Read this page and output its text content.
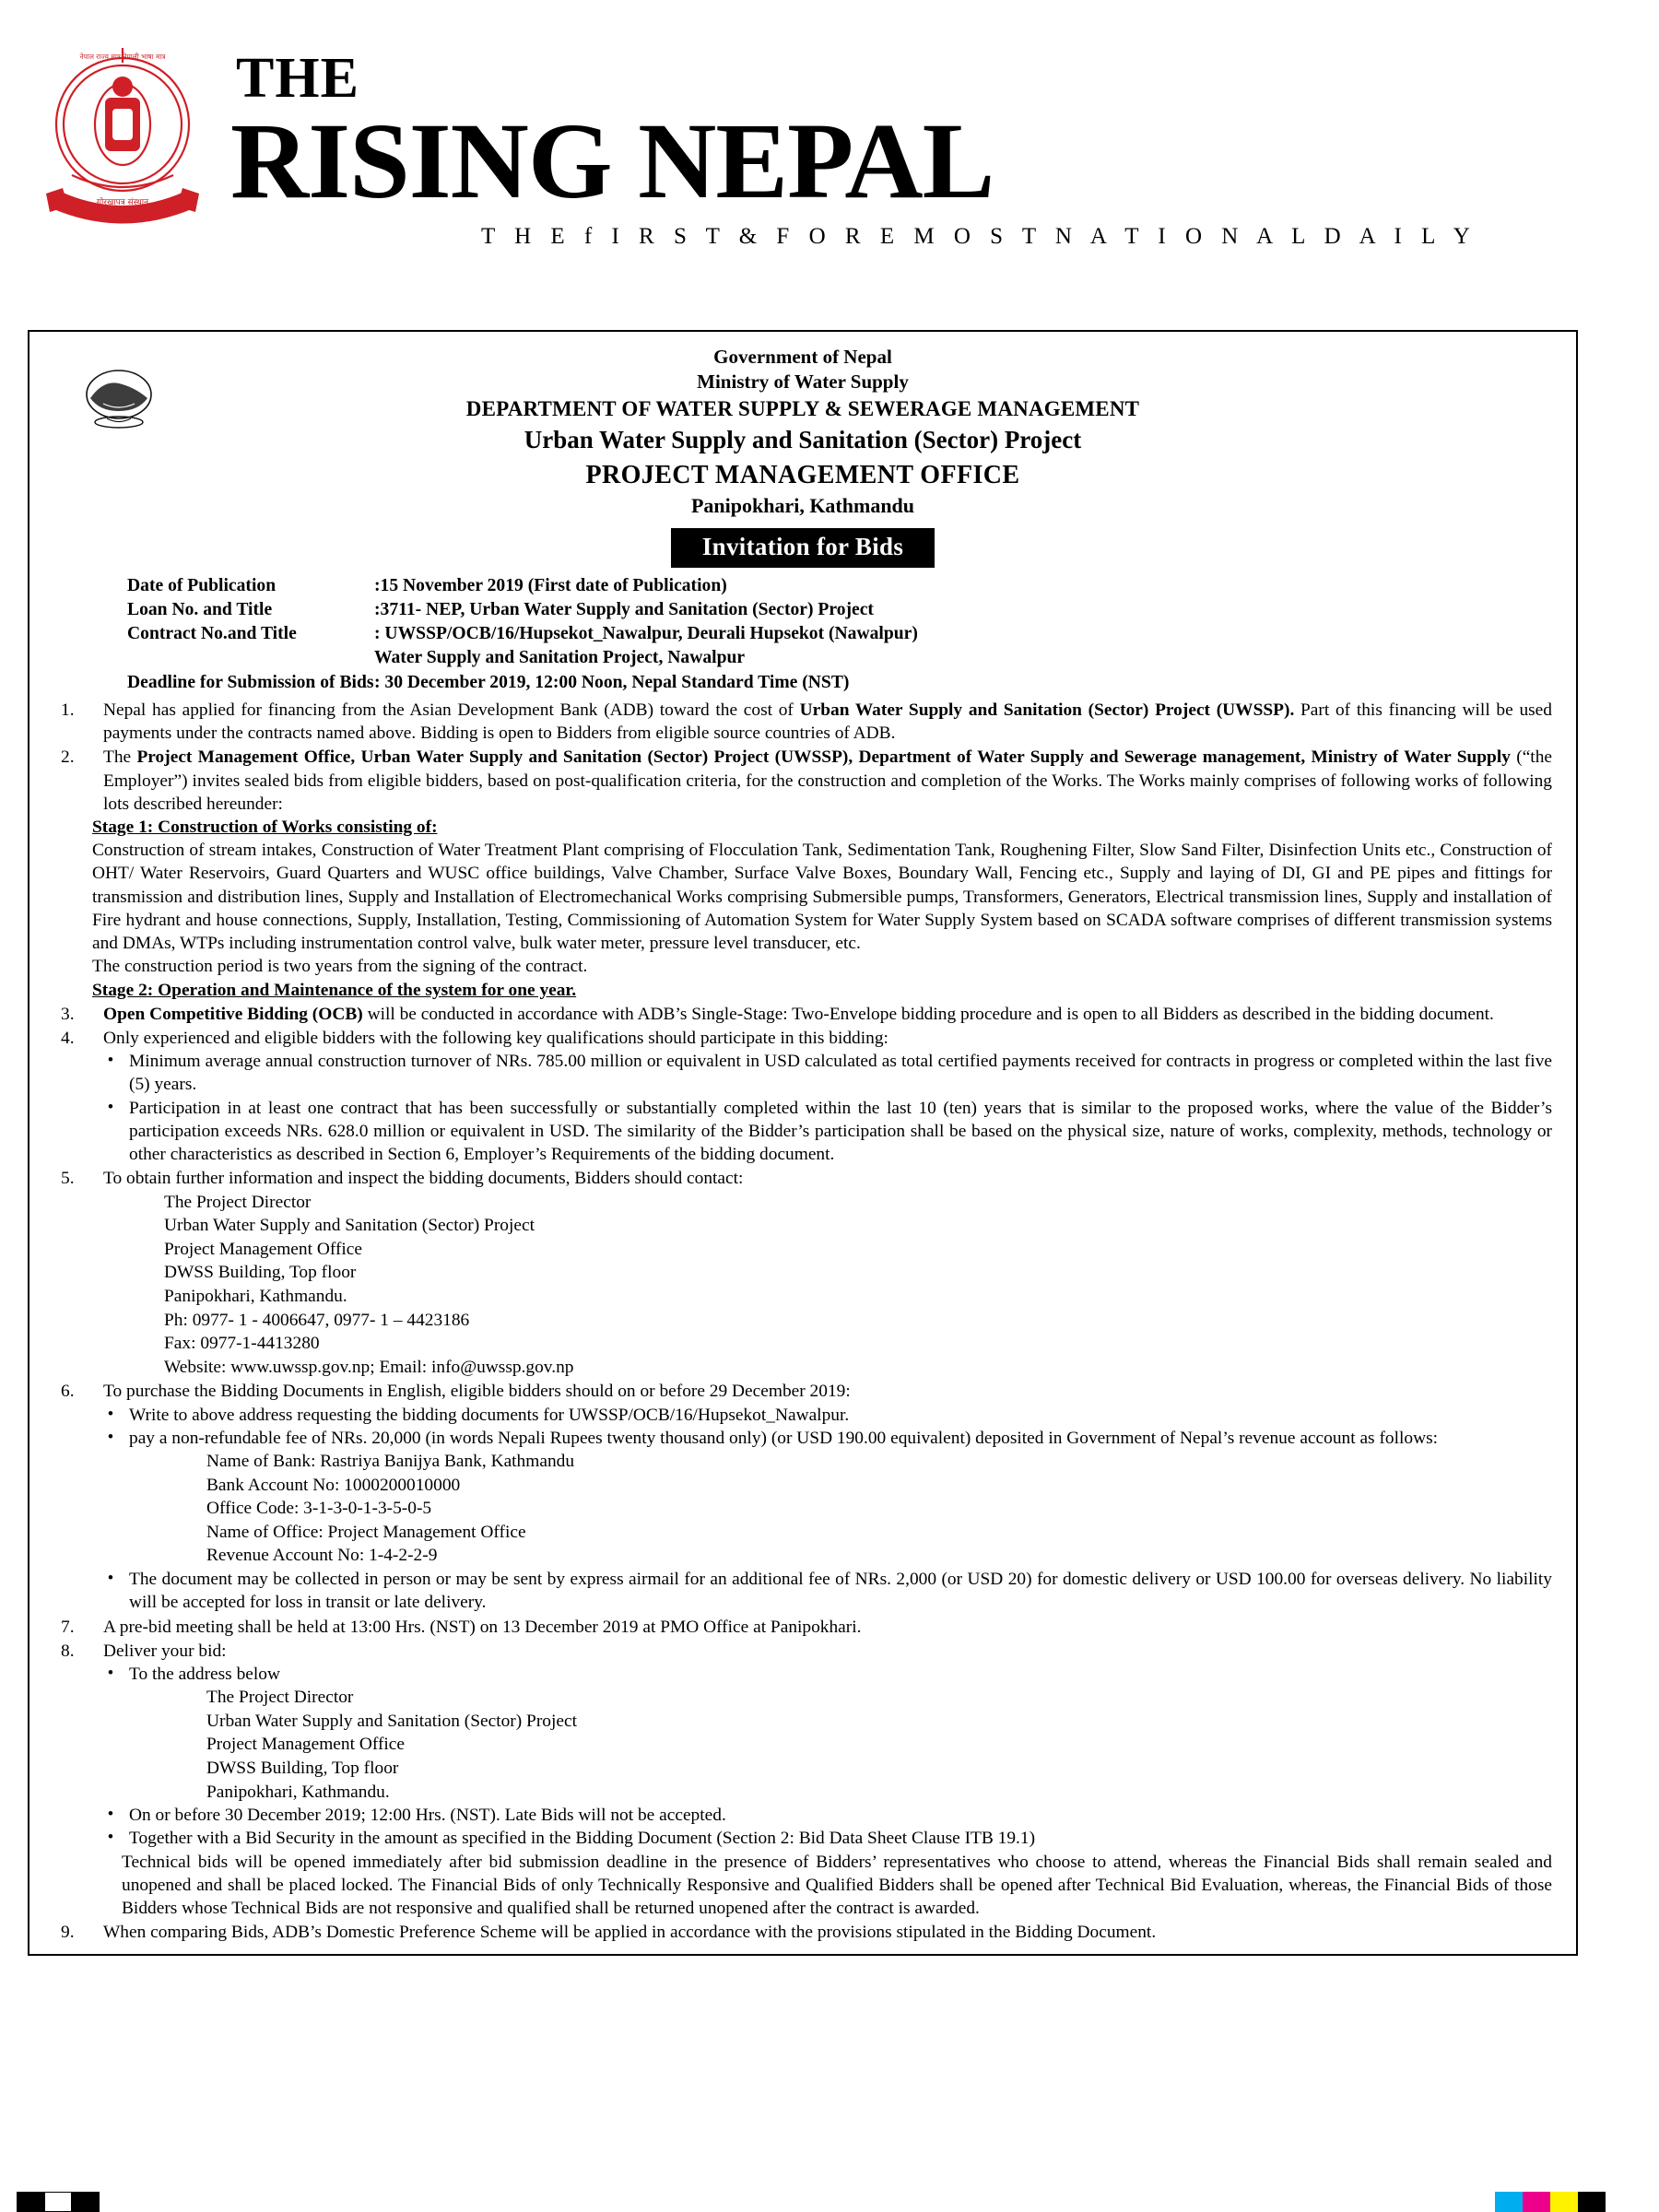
गोरखापत्र संस्थान
नेपाल राज्य मात्र नेपाली भाषा मात्र THE
RISING NEPAL
T H E f I R S T & F O R E M O S T N A T I O N A L D A I L Y
Government of Nepal
Ministry of Water Supply
DEPARTMENT OF WATER SUPPLY & SEWERAGE MANAGEMENT
Urban Water Supply and Sanitation (Sector) Project
PROJECT MANAGEMENT OFFICE
Panipokhari, Kathmandu
Invitation for Bids
Date of Publication	:15 November 2019 (First date of Publication)
Loan No. and Title	:3711- NEP, Urban Water Supply and Sanitation (Sector) Project
Contract No.and Title	: UWSSP/OCB/16/Hupsekot_Nawalpur, Deurali Hupsekot (Nawalpur)
	Water Supply and Sanitation Project, Nawalpur
Deadline for Submission of Bids	: 30 December 2019, 12:00 Noon, Nepal Standard Time (NST)
1.	Nepal has applied for financing from the Asian Development Bank (ADB) toward the cost of Urban Water Supply and Sanitation (Sector) Project (UWSSP). Part of this financing will be used payments under the contracts named above. Bidding is open to Bidders from eligible source countries of ADB.
2.	The Project Management Office, Urban Water Supply and Sanitation (Sector) Project (UWSSP), Department of Water Supply and Sewerage management, Ministry of Water Supply (“the Employer”) invites sealed bids from eligible bidders, based on post-qualification criteria, for the construction and completion of the Works. The Works mainly comprises of following works of following lots described hereunder:
Stage 1: Construction of Works consisting of:
Construction of stream intakes, Construction of Water Treatment Plant comprising of Flocculation Tank, Sedimentation Tank, Roughening Filter, Slow Sand Filter, Disinfection Units etc., Construction of OHT/ Water Reservoirs, Guard Quarters and WUSC office buildings, Valve Chamber, Surface Valve Boxes, Boundary Wall, Fencing etc., Supply and laying of DI, GI and PE pipes and fittings for transmission and distribution lines, Supply and Installation of Electromechanical Works comprising Submersible pumps, Transformers, Generators, Electrical transmission lines, Supply and installation of Fire hydrant and house connections, Supply, Installation, Testing, Commissioning of Automation System for Water Supply System based on SCADA software comprises of different transmission systems and DMAs, WTPs including instrumentation control valve, bulk water meter, pressure level transducer, etc.
The construction period is two years from the signing of the contract.
Stage 2: Operation and Maintenance of the system for one year.
3.	Open Competitive Bidding (OCB) will be conducted in accordance with ADB’s Single-Stage: Two-Envelope bidding procedure and is open to all Bidders as described in the bidding document.
4.	Only experienced and eligible bidders with the following key qualifications should participate in this bidding:
• Minimum average annual construction turnover of NRs. 785.00 million or equivalent in USD calculated as total certified payments received for contracts in progress or completed within the last five (5) years.
• Participation in at least one contract that has been successfully or substantially completed within the last 10 (ten) years that is similar to the proposed works, where the value of the Bidder’s participation exceeds NRs. 628.0 million or equivalent in USD. The similarity of the Bidder’s participation shall be based on the physical size, nature of works, complexity, methods, technology or other characteristics as described in Section 6, Employer’s Requirements of the bidding document.
5.	To obtain further information and inspect the bidding documents, Bidders should contact:
The Project Director
Urban Water Supply and Sanitation (Sector) Project
Project Management Office
DWSS Building, Top floor
Panipokhari, Kathmandu.
Ph: 0977- 1 - 4006647, 0977- 1 – 4423186
Fax: 0977-1-4413280
Website: www.uwssp.gov.np; Email: info@uwssp.gov.np
6.	To purchase the Bidding Documents in English, eligible bidders should on or before 29 December 2019:
• Write to above address requesting the bidding documents for UWSSP/OCB/16/Hupsekot_Nawalpur.
• pay a non-refundable fee of NRs. 20,000 (in words Nepali Rupees twenty thousand only) (or USD 190.00 equivalent) deposited in Government of Nepal’s revenue account as follows:
Name of Bank: Rastriya Banijya Bank, Kathmandu
Bank Account No: 1000200010000
Office Code: 3-1-3-0-1-3-5-0-5
Name of Office: Project Management Office
Revenue Account No: 1-4-2-2-9
• The document may be collected in person or may be sent by express airmail for an additional fee of NRs. 2,000 (or USD 20) for domestic delivery or USD 100.00 for overseas delivery. No liability will be accepted for loss in transit or late delivery.
7.	A pre-bid meeting shall be held at 13:00 Hrs. (NST) on 13 December 2019 at PMO Office at Panipokhari.
8.	Deliver your bid:
• To the address below
The Project Director
Urban Water Supply and Sanitation (Sector) Project
Project Management Office
DWSS Building, Top floor
Panipokhari, Kathmandu.
• On or before 30 December 2019; 12:00 Hrs. (NST). Late Bids will not be accepted.
• Together with a Bid Security in the amount as specified in the Bidding Document (Section 2: Bid Data Sheet Clause ITB 19.1)
Technical bids will be opened immediately after bid submission deadline in the presence of Bidders’ representatives who choose to attend, whereas the Financial Bids shall remain sealed and unopened and shall be placed locked. The Financial Bids of only Technically Responsive and Qualified Bidders shall be opened after Technical Bid Evaluation, whereas, the Financial Bids of those Bidders whose Technical Bids are not responsive and qualified shall be returned unopened after the contract is awarded.
9.	When comparing Bids, ADB’s Domestic Preference Scheme will be applied in accordance with the provisions stipulated in the Bidding Document.
